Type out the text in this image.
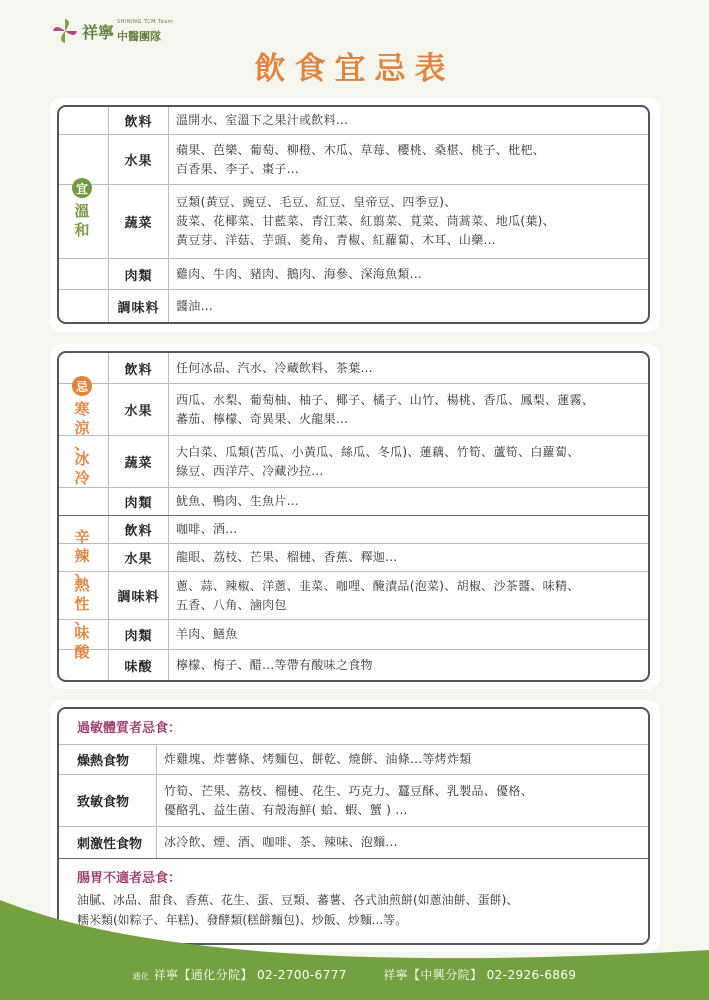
祥寧
SHINING TCM Team
中醫團隊
飲食宜忌表
飲料	溫開水、室溫下之果汁或飲料...
水果
蘋果、芭樂、葡萄、柳橙、木瓜、草莓、櫻桃、桑椹、桃子、枇杷、
百香果、李子、棗子...
蔬菜
豆類(黃豆、豌豆、毛豆、紅豆、皇帝豆、四季豆)、
菠菜、花椰菜、甘藍菜、青江菜、紅翦菜、莧菜、茼蒿菜、地瓜(葉)、
黃豆芽、洋菇、芋頭、菱角、青椒、紅蘿蔔、木耳、山藥...
肉類	雞肉、牛肉、豬肉、鵝肉、海參、深海魚類...
調味料	醬油...
宜
溫
和
飲料	任何冰品、汽水、冷藏飲料、茶葉...
水果
西瓜、水梨、葡萄柚、柚子、椰子、橘子、山竹、楊桃、香瓜、鳳梨、蓮霧、
蕃茄、檸檬、奇異果、火龍果...
蔬菜
大白菜、瓜類(苦瓜、小黃瓜、絲瓜、冬瓜)、蓮藕、竹筍、蘆筍、白蘿蔔、
綠豆、西洋芹、冷藏沙拉...
肉類	魷魚、鴨肉、生魚片...
飲料	咖啡、酒...
水果	龍眼、荔枝、芒果、榴槤、香蕉、釋迦...
調味料
蔥、蒜、辣椒、洋蔥、韭菜、咖哩、醃漬品(泡菜)、胡椒、沙茶醬、味精、
五香、八角、滷肉包
肉類	羊肉、鱔魚
味酸	檸檬、梅子、醋...等帶有酸味之食物
忌
寒
涼
、
冰
冷
辛
辣
、
熱
性
、
味
酸
過敏體質者忌食：
燥熱食物	炸雞塊、炸薯條、烤麵包、餅乾、燒餅、油條...等烤炸類
致敏食物
竹筍、芒果、荔枝、榴槤、花生、巧克力、蠶豆酥、乳製品、優格、
優酪乳、益生菌、有殼海鮮( 蛤、蝦、蟹 ) ...
刺激性食物	冰冷飲、煙、酒、咖啡、茶、辣味、泡麵...
腸胃不適者忌食：
油膩、冰品、甜食、香蕉、花生、蛋、豆類、蕃薯、各式油煎餅(如蔥油餅、蛋餅)、
糯米類(如粽子、年糕)、發酵類(糕餅麵包)、炒飯、炒麵...等。
通化 祥寧【通化分院】 02-2700-6777	祥寧【中興分院】 02-2926-6869
